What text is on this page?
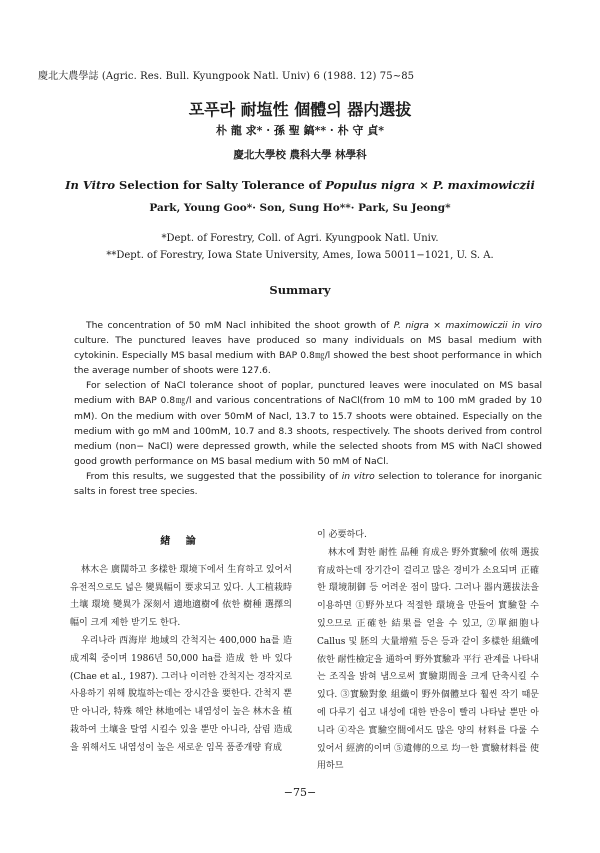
慶北大農學誌 (Agric. Res. Bull. Kyungpook Natl. Univ) 6 (1988. 12) 75∼85
포푸라 耐塩性 個體의 器内選拔
朴 龍 求* · 孫 聖 鎬** · 朴 守 貞*
慶北大學校 農科大學 林學科
In Vitro Selection for Salty Tolerance of Populus nigra × P. maximowiczii
Park, Young Goo*· Son, Sung Ho**· Park, Su Jeong*
*Dept. of Forestry, Coll. of Agri. Kyungpook Natl. Univ.
**Dept. of Forestry, Iowa State University, Ames, Iowa 50011−1021, U. S. A.
Summary

The concentration of 50 mM Nacl inhibited the shoot growth of P. nigra × maximowiczii in viro culture. The punctured leaves have produced so many individuals on MS basal medium with cytokinin. Especially MS basal medium with BAP 0.8㎎/l showed the best shoot performance in which the average number of shoots were 127.6.

For selection of NaCl tolerance shoot of poplar, punctured leaves were inoculated on MS basal medium with BAP 0.8㎎/l and various concentrations of NaCl(from 10 mM to 100 mM graded by 10 mM). On the medium with over 50mM of Nacl, 13.7 to 15.7 shoots were obtained. Especially on the medium with go mM and 100mM, 10.7 and 8.3 shoots, respectively. The shoots derived from control medium (non− NaCl) were depressed growth, while the selected shoots from MS with NaCl showed good growth performance on MS basal medium with 50 mM of NaCl.

From this results, we suggested that the possibility of in vitro selection to tolerance for inorganic salts in forest tree species.

緖 論

林木은 廣闊하고 多樣한 環境下에서 生育하고 있어서 유전적으로도 넓은 變異幅이 要求되고 있다. 人工植栽時 土壤 環境 變異가 深刻서 適地適樹에 依한 樹種 選擇의 幅이 크게 제한 받기도 한다.

우리나라 西海岸 地域의 간척지는 400,000 ha를 造成계획 중이며 1986년 50,000 ha를 造成 한 바 있다 (Chae et al., 1987). 그러나 이러한 간척지는 경작지로 사용하기 위해 脫塩하는데는 장시간을 要한다. 간척지 뿐만 아니라, 特殊 해안 林地에는 내염성이 높은 林木을 植栽하여 土壤을 탈염 시킬수 있을 뿐만 아니라, 삼림 造成을 위해서도 내염성이 높은 새로운 임목 품종개량 育成

이 必要하다.

林木에 對한 耐性 品種 育成은 野外實驗에 依해 選拔育成하는데 장기간이 걸리고 많은 경비가 소요되며 正確한 環境制御 등 어려운 점이 많다. 그러나 器内選拔法을 이용하면 ①野外보다 적절한 環境을 만들어 實驗할 수 있으므로 正確한 結果를 얻을 수 있고, ②單細胞나 Callus 및 胚의 大量增殖 등은 등과 같이 多樣한 組織에 依한 耐性檢定을 通하여 野外實驗과 平行 관계를 나타내는 조직을 밝혀 냄으로써 實驗期間을 크게 단축시킬 수 있다. ③實驗對象 組織이 野外個體보다 훨씬 작기 때문에 다루기 쉽고 내성에 대한 반응이 빨리 나타날 뿐만 아니라 ④작은 實驗空間에서도 많은 양의 材料를 다룰 수 있어서 經濟的이며 ⑤遺傳的으로 均一한 實驗材料를 使用하므

−75−
